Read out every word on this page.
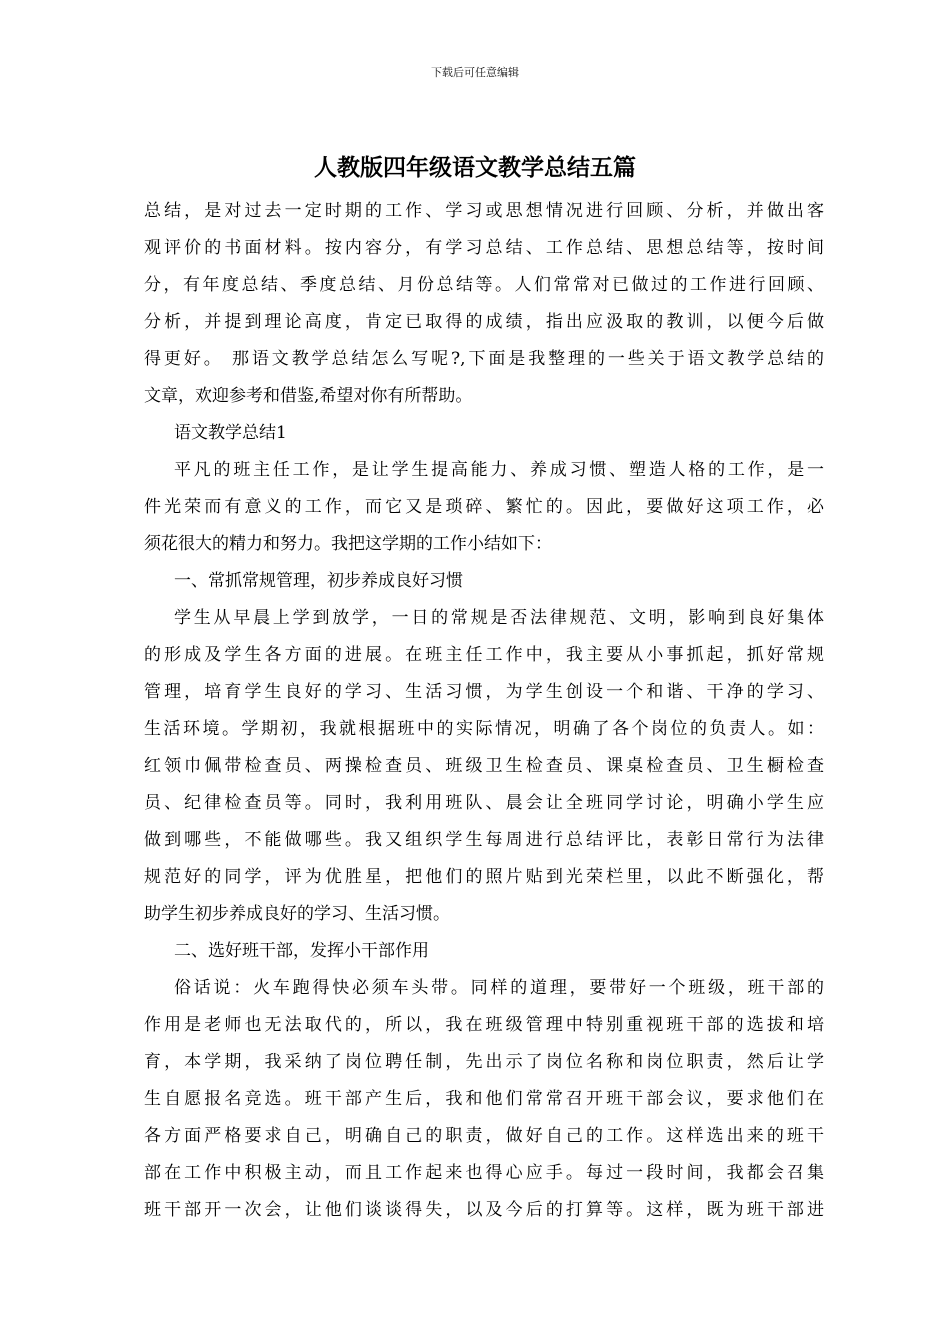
下载后可任意编辑
人教版四年级语文教学总结五篇
总结，是对过去一定时期的工作、学习或思想情况进行回顾、分析，并做出客
观评价的书面材料。按内容分，有学习总结、工作总结、思想总结等，按时间
分，有年度总结、季度总结、月份总结等。人们常常对已做过的工作进行回顾、
分析，并提到理论高度，肯定已取得的成绩，指出应汲取的教训，以便今后做
得更好。 那语文教学总结怎么写呢?,下面是我整理的一些关于语文教学总结的
文章，欢迎参考和借鉴,希望对你有所帮助。
语文教学总结1
平凡的班主任工作，是让学生提高能力、养成习惯、塑造人格的工作，是一
件光荣而有意义的工作，而它又是琐碎、繁忙的。因此，要做好这项工作，必
须花很大的精力和努力。我把这学期的工作小结如下：
一、常抓常规管理，初步养成良好习惯
学生从早晨上学到放学，一日的常规是否法律规范、文明，影响到良好集体
的形成及学生各方面的进展。在班主任工作中，我主要从小事抓起，抓好常规
管理，培育学生良好的学习、生活习惯，为学生创设一个和谐、干净的学习、
生活环境。学期初，我就根据班中的实际情况，明确了各个岗位的负责人。如：
红领巾佩带检查员、两操检查员、班级卫生检查员、课桌检查员、卫生橱检查
员、纪律检查员等。同时，我利用班队、晨会让全班同学讨论，明确小学生应
做到哪些，不能做哪些。我又组织学生每周进行总结评比，表彰日常行为法律
规范好的同学，评为优胜星，把他们的照片贴到光荣栏里，以此不断强化，帮
助学生初步养成良好的学习、生活习惯。
二、选好班干部，发挥小干部作用
俗话说：火车跑得快必须车头带。同样的道理，要带好一个班级，班干部的
作用是老师也无法取代的，所以，我在班级管理中特别重视班干部的选拔和培
育，本学期，我采纳了岗位聘任制，先出示了岗位名称和岗位职责，然后让学
生自愿报名竞选。班干部产生后，我和他们常常召开班干部会议，要求他们在
各方面严格要求自己，明确自己的职责，做好自己的工作。这样选出来的班干
部在工作中积极主动，而且工作起来也得心应手。每过一段时间，我都会召集
班干部开一次会，让他们谈谈得失，以及今后的打算等。这样，既为班干部进
